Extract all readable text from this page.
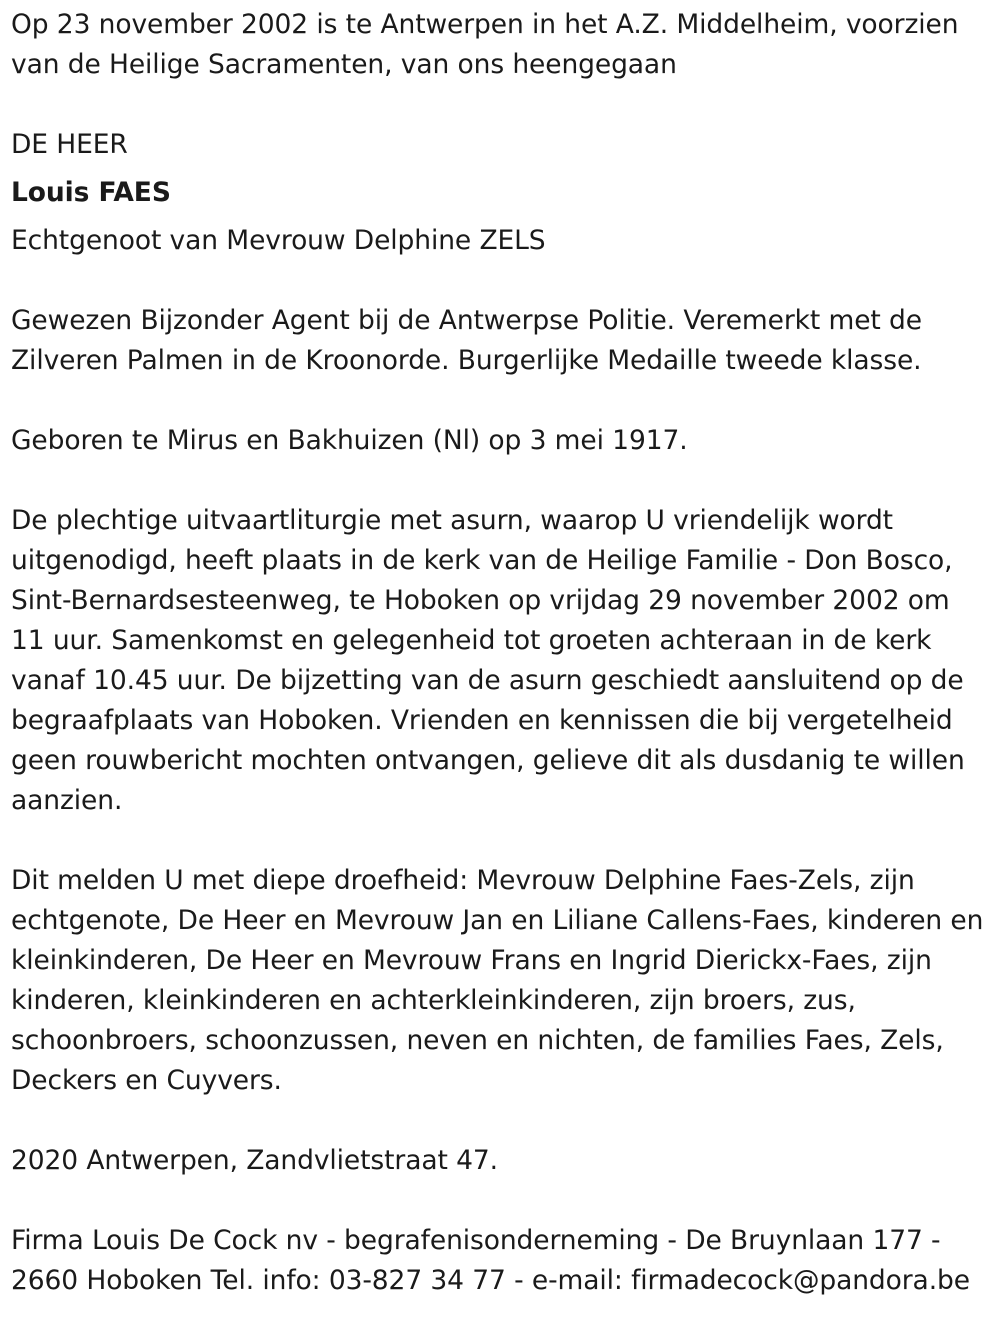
Op 23 november 2002 is te Antwerpen in het A.Z. Middelheim, voorzien van de Heilige Sacramenten, van ons heengegaan

DE HEER

Louis FAES

Echtgenoot van Mevrouw Delphine ZELS

Gewezen Bijzonder Agent bij de Antwerpse Politie. Veremerkt met de Zilveren Palmen in de Kroonorde. Burgerlijke Medaille tweede klasse.

Geboren te Mirus en Bakhuizen (Nl) op 3 mei 1917.

De plechtige uitvaartliturgie met asurn, waarop U vriendelijk wordt uitgenodigd, heeft plaats in de kerk van de Heilige Familie - Don Bosco, Sint-Bernardsesteenweg, te Hoboken op vrijdag 29 november 2002 om 11 uur. Samenkomst en gelegenheid tot groeten achteraan in de kerk vanaf 10.45 uur. De bijzetting van de asurn geschiedt aansluitend op de begraafplaats van Hoboken. Vrienden en kennissen die bij vergetelheid geen rouwbericht mochten ontvangen, gelieve dit als dusdanig te willen aanzien.

Dit melden U met diepe droefheid: Mevrouw Delphine Faes-Zels, zijn echtgenote, De Heer en Mevrouw Jan en Liliane Callens-Faes, kinderen en kleinkinderen, De Heer en Mevrouw Frans en Ingrid Dierickx-Faes, zijn kinderen, kleinkinderen en achterkleinkinderen, zijn broers, zus, schoonbroers, schoonzussen, neven en nichten, de families Faes, Zels, Deckers en Cuyvers.

2020 Antwerpen, Zandvlietstraat 47.

Firma Louis De Cock nv - begrafenisonderneming - De Bruynlaan 177 - 2660 Hoboken Tel. info: 03-827 34 77 - e-mail: firmadecock@pandora.be
